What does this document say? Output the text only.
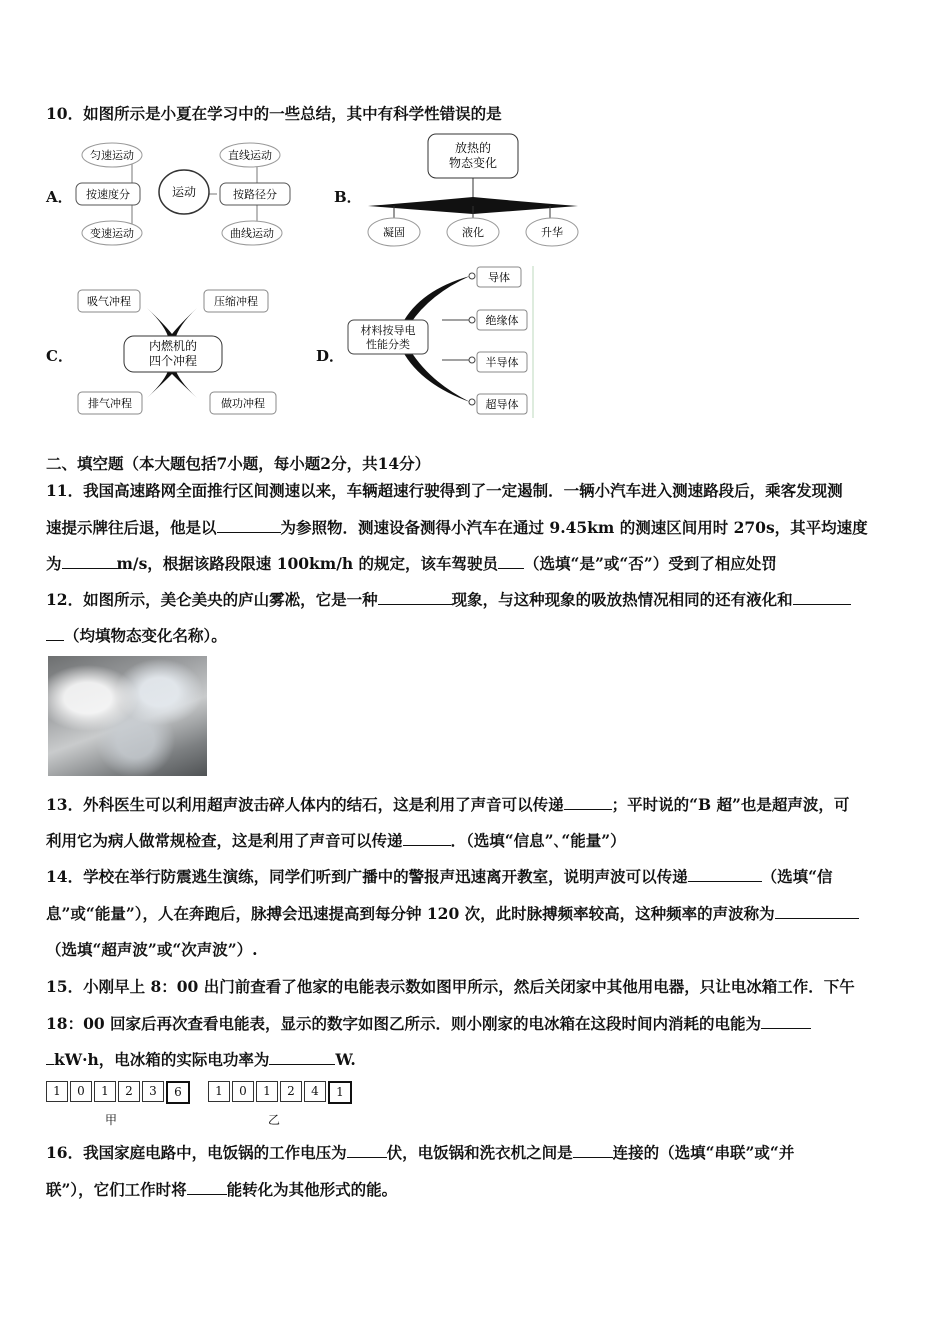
10．如图所示是小夏在学习中的一些总结，其中有科学性错误的是
A．
匀速运动
按速度分
变速运动
运动
直线运动
按路径分
曲线运动
B．
放热的
物态变化
凝固	液化	升华
C．
吸气冲程	压缩冲程
内燃机的
四个冲程
排气冲程	做功冲程
D．
材料按导电
性能分类
导体
绝缘体
半导体
超导体
二、填空题（本大题包括7小题，每小题2分，共14分）
11．我国高速路网全面推行区间测速以来，车辆超速行驶得到了一定遏制．一辆小汽车进入测速路段后，乘客发现测
速提示牌往后退，他是以	为参照物．测速设备测得小汽车在通过 9.45km 的测速区间用时 270s，其平均速度
为	m/s，根据该路段限速 100km/h 的规定，该车驾驶员 （选填“是”或“否”）受到了相应处罚
12．如图所示，美仑美央的庐山雾凇，它是一种	现象，与这种现象的吸放热情况相同的还有液化和
（均填物态变化名称）。
13．外科医生可以利用超声波击碎人体内的结石，这是利用了声音可以传递	；平时说的“B 超”也是超声波，可
利用它为病人做常规检查，这是利用了声音可以传递	．（选填“信息”､“能量”）
14．学校在举行防震逃生演练，同学们听到广播中的警报声迅速离开教室，说明声波可以传递	（选填“信
息”或“能量”），人在奔跑后，脉搏会迅速提高到每分钟 120 次，此时脉搏频率较高，这种频率的声波称为
（选填“超声波”或“次声波”）.
15．小刚早上 8：00 出门前查看了他家的电能表示数如图甲所示，然后关闭家中其他用电器，只让电冰箱工作．下午
18：00 回家后再次查看电能表，显示的数字如图乙所示．则小刚家的电冰箱在这段时间内消耗的电能为
kW·h，电冰箱的实际电功率为	W.
1	0	1	2	3	6	1	0	1	2	4	1
甲	乙
16．我国家庭电路中，电饭锅的工作电压为	伏，电饭锅和洗衣机之间是	连接的（选填“串联”或“并
联”），它们工作时将	能转化为其他形式的能。
